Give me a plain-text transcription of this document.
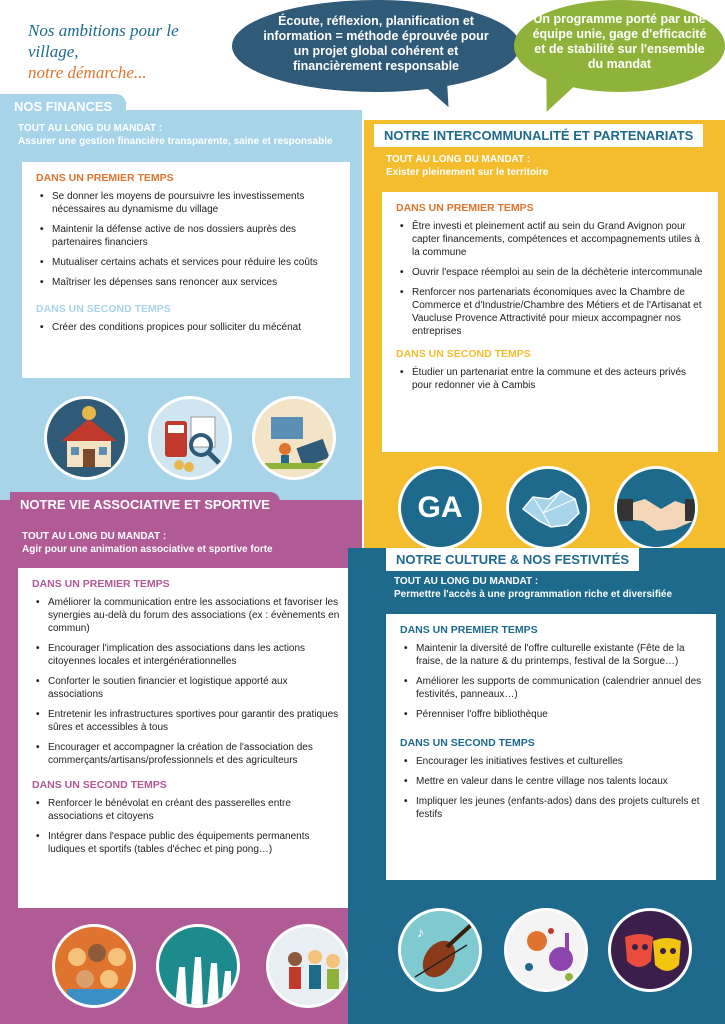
Nos ambitions pour le village,
notre démarche...
Écoute, réflexion, planification et information = méthode éprouvée pour un projet global cohérent et financièrement responsable
Un programme porté par une équipe unie, gage d'efficacité et de stabilité sur l'ensemble du mandat
NOS FINANCES
TOUT AU LONG DU MANDAT :
Assurer une gestion financière transparente, saine et responsable
DANS UN PREMIER TEMPS
• Se donner les moyens de poursuivre les investissements nécessaires au dynamisme du village
• Maintenir la défense active de nos dossiers auprès des partenaires financiers
• Mutualiser certains achats et services pour réduire les coûts
• Maîtriser les dépenses sans renoncer aux services
DANS UN SECOND TEMPS
• Créer des conditions propices pour solliciter du mécénat
NOTRE INTERCOMMUNALITÉ ET PARTENARIATS
TOUT AU LONG DU MANDAT :
Exister pleinement sur le territoire
DANS UN PREMIER TEMPS
• Être investi et pleinement actif au sein du Grand Avignon pour capter financements, compétences et accompagnements utiles à la commune
• Ouvrir l'espace réemploi au sein de la déchèterie intercommunale
• Renforcer nos partenariats économiques avec la Chambre de Commerce et d'Industrie/Chambre des Métiers et de l'Artisanat et Vaucluse Provence Attractivité pour mieux accompagner nos entreprises
DANS UN SECOND TEMPS
• Étudier un partenariat entre la commune et des acteurs privés pour redonner vie à Cambis
GA
NOTRE VIE ASSOCIATIVE ET SPORTIVE
TOUT AU LONG DU MANDAT :
Agir pour une animation associative et sportive forte
DANS UN PREMIER TEMPS
• Améliorer la communication entre les associations et favoriser les synergies au-delà du forum des associations (ex : évènements en commun)
• Encourager l'implication des associations dans les actions citoyennes locales et intergénérationnelles
• Conforter le soutien financier et logistique apporté aux associations
• Entretenir les infrastructures sportives pour garantir des pratiques sûres et accessibles à tous
• Encourager et accompagner la création de l'association des commerçants/artisans/professionnels et des agriculteurs
DANS UN SECOND TEMPS
• Renforcer le bénévolat en créant des passerelles entre associations et citoyens
• Intégrer dans l'espace public des équipements permanents ludiques et sportifs (tables d'échec et ping pong…)
NOTRE CULTURE & NOS FESTIVITÉS
TOUT AU LONG DU MANDAT :
Permettre l'accès à une programmation riche et diversifiée
DANS UN PREMIER TEMPS
• Maintenir la diversité de l'offre culturelle existante (Fête de la fraise, de la nature & du printemps, festival de la Sorgue…)
• Améliorer les supports de communication (calendrier annuel des festivités, panneaux…)
• Pérenniser l'offre bibliothèque
DANS UN SECOND TEMPS
• Encourager les initiatives festives et culturelles
• Mettre en valeur dans le centre village nos talents locaux
• Impliquer les jeunes (enfants-ados) dans des projets culturels et festifs
♪
